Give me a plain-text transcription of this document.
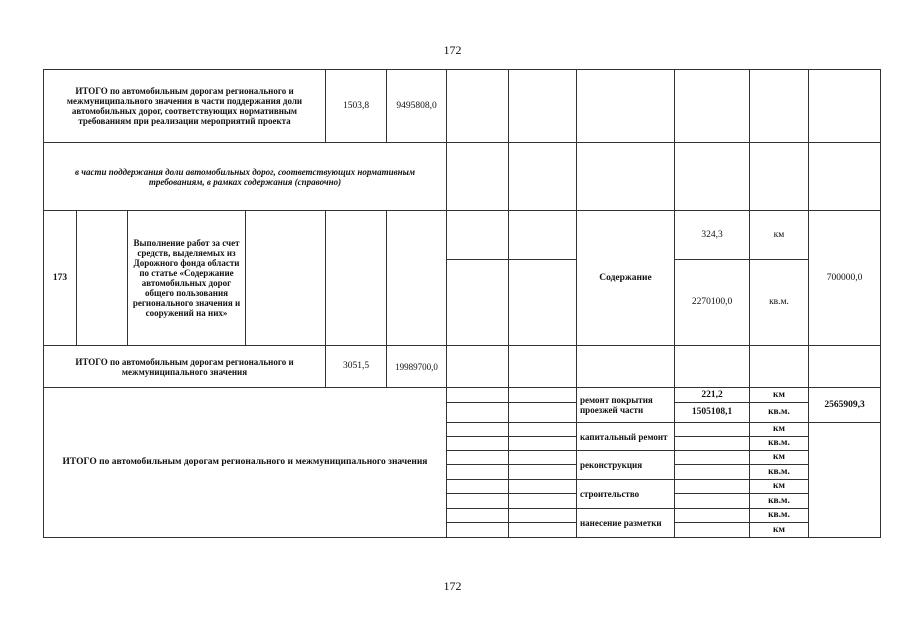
172
ИТОГО по автомобильным дорогам регионального и межмуниципального значения в части поддержания доли автомобильных дорог, соответствующих нормативным требованиям при реализации мероприятий проекта				1503,8	9495808,0						
в части поддержания доли автомобильных дорог, соответствующих нормативным требованиям, в рамках содержания (справочно)											
173		Выполнение работ за счет средств, выделяемых из Дорожного фонда области по статье «Содержание автомобильных дорог общего пользования регионального значения и сооружений на них»						Содержание	324,3	км	700000,0
									2270100,0	кв.м.	
ИТОГО по автомобильным дорогам регионального и межмуниципального значения				3051,5	19989700,0						
ИТОГО по автомобильным дорогам регионального и межмуниципального значения								ремонт покрытия проезжей части	221,2	км	2565909,3
									1505108,1	кв.м.	
								капитальный ремонт		км	
										кв.м.	
								реконструкция		км	
										кв.м.	
								строительство		км	
										кв.м.	
								нанесение разметки		кв.м.	
										км	
172
